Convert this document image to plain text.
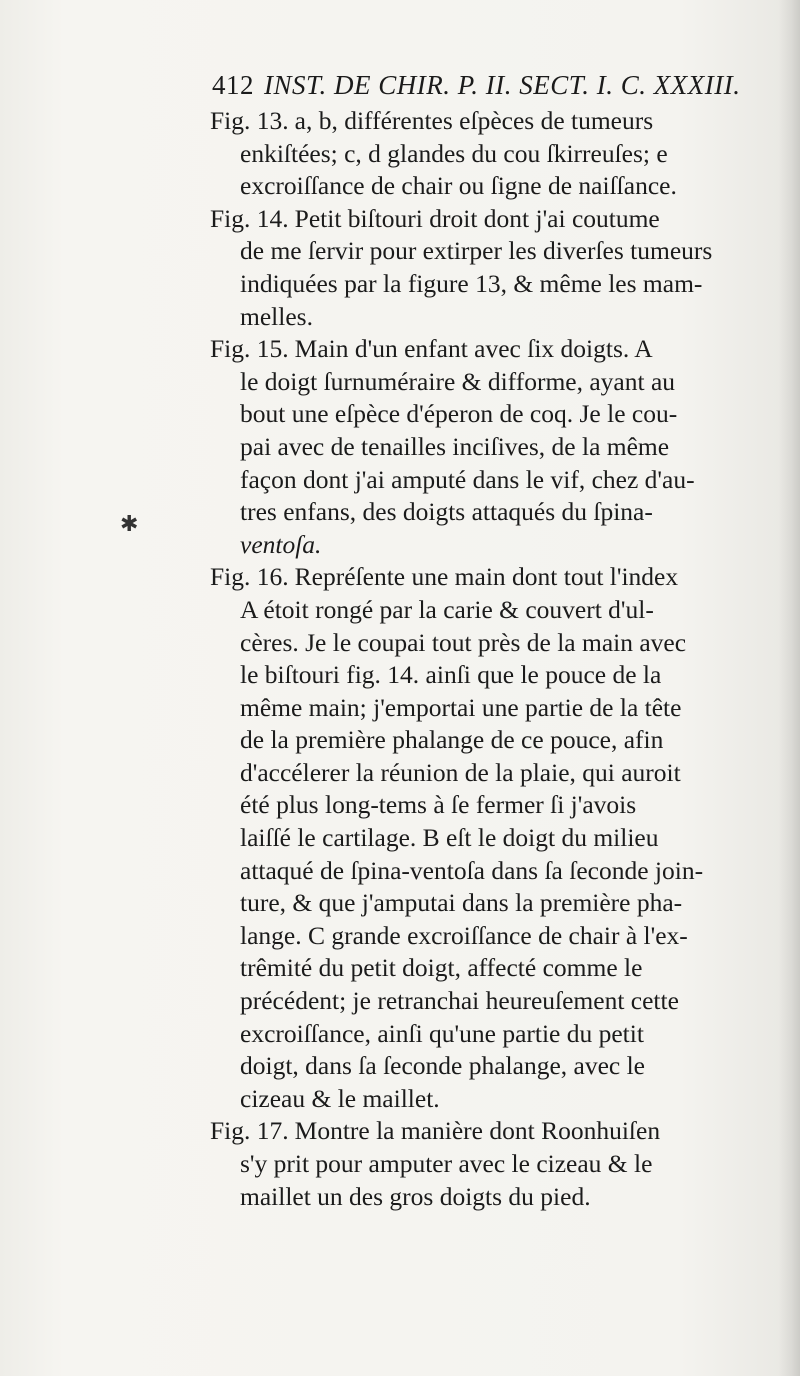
412 INST. DE CHIR. P. II. SECT. I. C. XXXIII.

Fig. 13. a, b, différentes eſpèces de tumeurs
enkiſtées; c, d glandes du cou ſkirreuſes; e
excroiſſance de chair ou ſigne de naiſſance.

Fig. 14. Petit biſtouri droit dont j'ai coutume
de me ſervir pour extirper les diverſes tumeurs
indiquées par la figure 13, & même les mam-
melles.

Fig. 15. Main d'un enfant avec ſix doigts. A
le doigt ſurnuméraire & difforme, ayant au
bout une eſpèce d'éperon de coq. Je le cou-
pai avec de tenailles inciſives, de la même
façon dont j'ai amputé dans le vif, chez d'au-
tres enfans, des doigts attaqués du ſpina-
ventoſa.

Fig. 16. Repréſente une main dont tout l'index
A étoit rongé par la carie & couvert d'ul-
cères. Je le coupai tout près de la main avec
le biſtouri fig. 14. ainſi que le pouce de la
même main; j'emportai une partie de la tête
de la première phalange de ce pouce, afin
d'accélerer la réunion de la plaie, qui auroit
été plus long-tems à ſe fermer ſi j'avois
laiſſé le cartilage. B eſt le doigt du milieu
attaqué de ſpina-ventoſa dans ſa ſeconde join-
ture, & que j'amputai dans la première pha-
lange. C grande excroiſſance de chair à l'ex-
trêmité du petit doigt, affecté comme le
précédent; je retranchai heureuſement cette
excroiſſance, ainſi qu'une partie du petit
doigt, dans ſa ſeconde phalange, avec le
cizeau & le maillet.

Fig. 17. Montre la manière dont Roonhuiſen
s'y prit pour amputer avec le cizeau & le
maillet un des gros doigts du pied.

✱
